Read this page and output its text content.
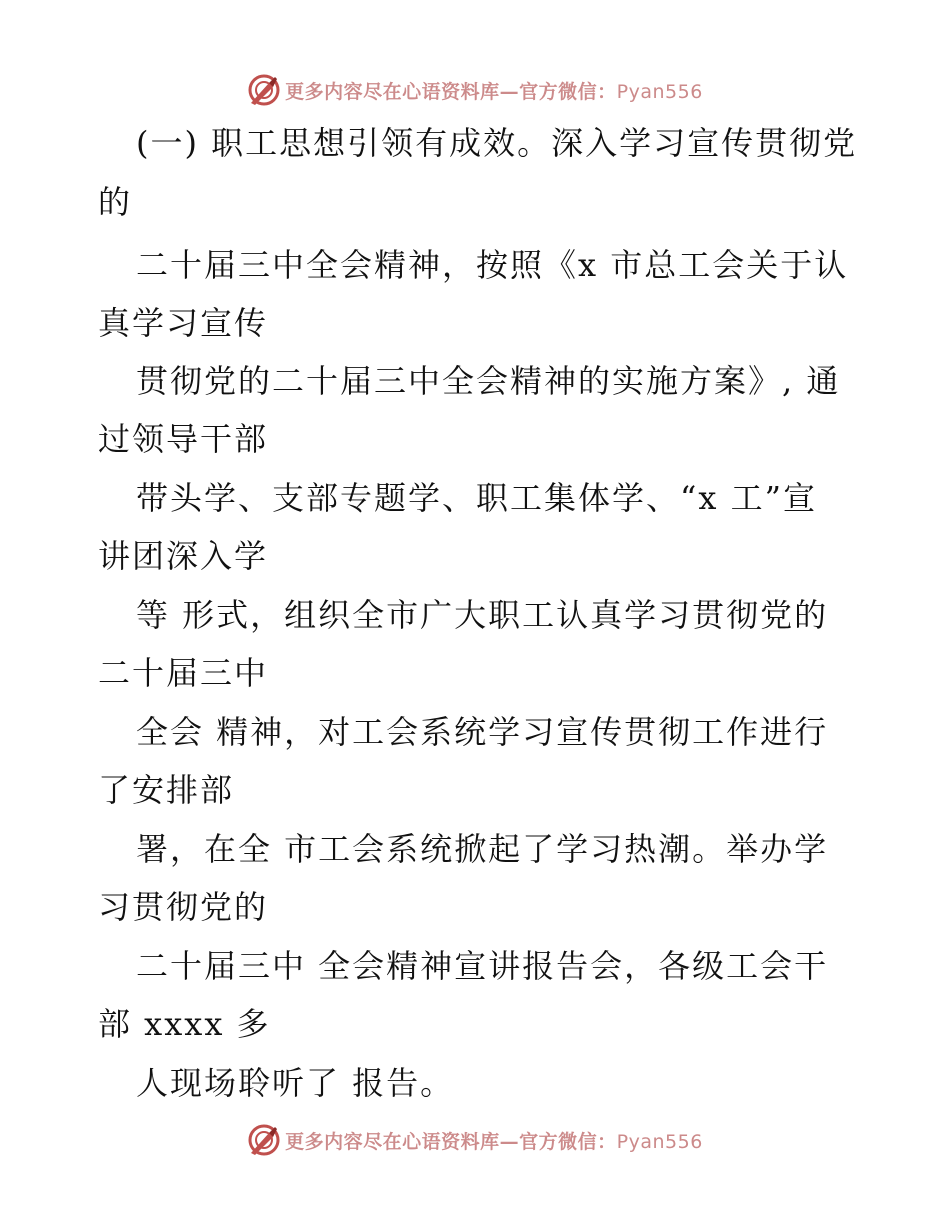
更多内容尽在心语资料库—官方微信：Pyan556
(一) 职工思想引领有成效。深入学习宣传贯彻党
的
二十届三中全会精神，按照《x 市总工会关于认
真学习宣传
贯彻党的二十届三中全会精神的实施方案》, 通
过领导干部
带头学、支部专题学、职工集体学、“x 工”宣
讲团深入学
等 形式，组织全市广大职工认真学习贯彻党的
二十届三中
全会 精神，对工会系统学习宣传贯彻工作进行
了安排部
署，在全 市工会系统掀起了学习热潮。举办学
习贯彻党的
二十届三中 全会精神宣讲报告会，各级工会干
部 xxxx 多
人现场聆听了 报告。
更多内容尽在心语资料库—官方微信：Pyan556
